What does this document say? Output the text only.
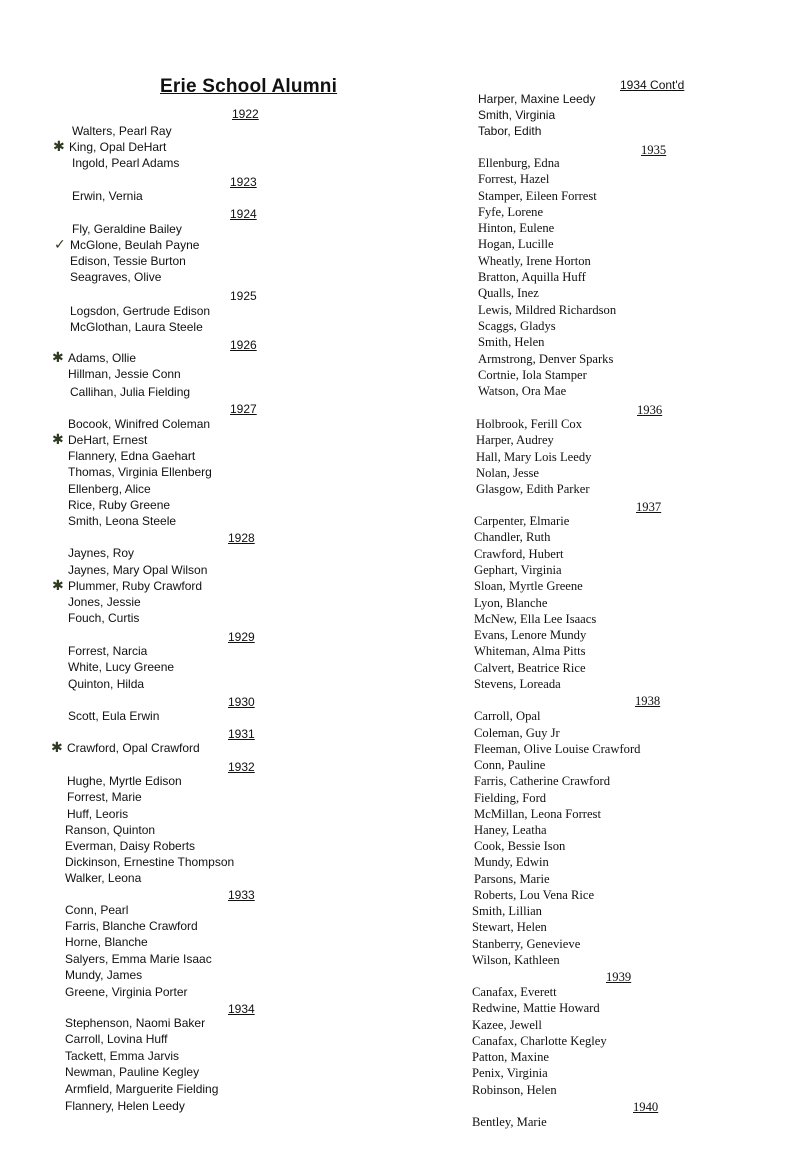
Erie School Alumni
1922
Walters, Pearl Ray
King, Opal DeHart
✱
Ingold, Pearl Adams
1923
Erwin, Vernia
1924
Fly, Geraldine Bailey
McGlone, Beulah Payne
✓
Edison, Tessie Burton
Seagraves, Olive
1925
Logsdon, Gertrude Edison
McGlothan, Laura Steele
1926
Adams, Ollie
✱
Hillman, Jessie Conn
Callihan, Julia Fielding
1927
Bocook, Winifred Coleman
DeHart, Ernest
✱
Flannery, Edna Gaehart
Thomas, Virginia Ellenberg
Ellenberg, Alice
Rice, Ruby Greene
Smith, Leona Steele
1928
Jaynes, Roy
Jaynes, Mary Opal Wilson
Plummer, Ruby Crawford
✱
Jones, Jessie
Fouch, Curtis
1929
Forrest, Narcia
White, Lucy Greene
Quinton, Hilda
1930
Scott, Eula Erwin
1931
Crawford, Opal Crawford
✱
1932
Hughe, Myrtle Edison
Forrest, Marie
Huff, Leoris
Ranson, Quinton
Everman, Daisy Roberts
Dickinson, Ernestine Thompson
Walker, Leona
1933
Conn, Pearl
Farris, Blanche Crawford
Horne, Blanche
Salyers, Emma Marie Isaac
Mundy, James
Greene, Virginia Porter
1934
Stephenson, Naomi Baker
Carroll, Lovina Huff
Tackett, Emma Jarvis
Newman, Pauline Kegley
Armfield, Marguerite Fielding
Flannery, Helen Leedy
1934 Cont'd
Harper, Maxine Leedy
Smith, Virginia
Tabor, Edith
1935
Ellenburg, Edna
Forrest, Hazel
Stamper, Eileen Forrest
Fyfe, Lorene
Hinton, Eulene
Hogan, Lucille
Wheatly, Irene Horton
Bratton, Aquilla Huff
Qualls, Inez
Lewis, Mildred Richardson
Scaggs, Gladys
Smith, Helen
Armstrong, Denver Sparks
Cortnie, Iola Stamper
Watson, Ora Mae
1936
Holbrook, Ferill Cox
Harper, Audrey
Hall, Mary Lois Leedy
Nolan, Jesse
Glasgow, Edith Parker
1937
Carpenter, Elmarie
Chandler, Ruth
Crawford, Hubert
Gephart, Virginia
Sloan, Myrtle Greene
Lyon, Blanche
McNew, Ella Lee Isaacs
Evans, Lenore Mundy
Whiteman, Alma Pitts
Calvert, Beatrice Rice
Stevens, Loreada
1938
Carroll, Opal
Coleman, Guy Jr
Fleeman, Olive Louise Crawford
Conn, Pauline
Farris, Catherine Crawford
Fielding, Ford
McMillan, Leona Forrest
Haney, Leatha
Cook, Bessie Ison
Mundy, Edwin
Parsons, Marie
Roberts, Lou Vena Rice
Smith, Lillian
Stewart, Helen
Stanberry, Genevieve
Wilson, Kathleen
1939
Canafax, Everett
Redwine, Mattie Howard
Kazee, Jewell
Canafax, Charlotte Kegley
Patton, Maxine
Penix, Virginia
Robinson, Helen
1940
Bentley, Marie
